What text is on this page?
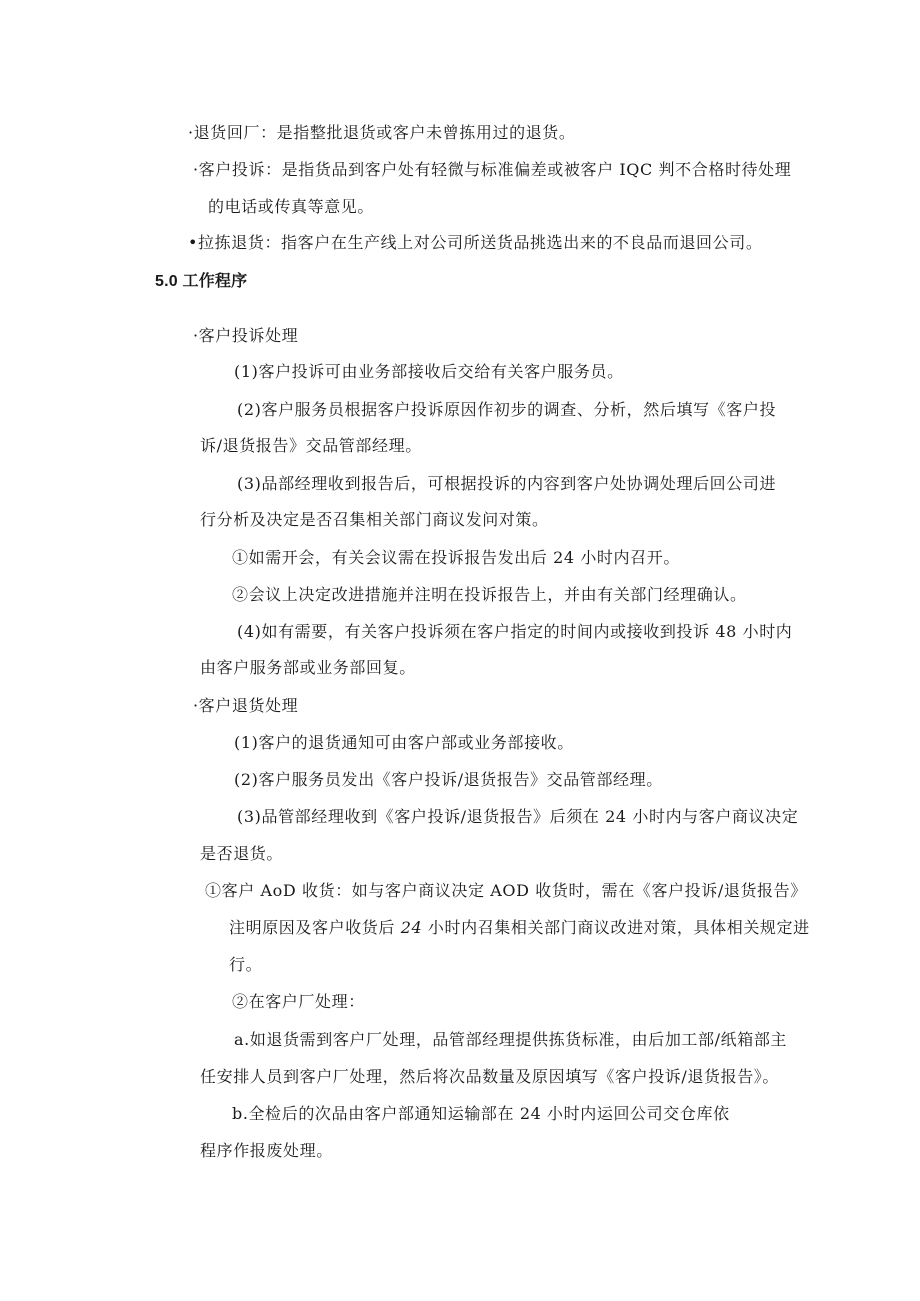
·退货回厂：是指整批退货或客户未曾拣用过的退货。
·客户投诉：是指货品到客户处有轻微与标准偏差或被客户 IQC 判不合格时待处理
的电话或传真等意见。
•拉拣退货：指客户在生产线上对公司所送货品挑选出来的不良品而退回公司。
5.0 工作程序
·客户投诉处理
(1)客户投诉可由业务部接收后交给有关客户服务员。
(2)客户服务员根据客户投诉原因作初步的调查、分析，然后填写《客户投
诉/退货报告》交品管部经理。
(3)品部经理收到报告后，可根据投诉的内容到客户处协调处理后回公司进
行分析及决定是否召集相关部门商议发问对策。
①如需开会，有关会议需在投诉报告发出后 24 小时内召开。
②会议上决定改进措施并注明在投诉报告上，并由有关部门经理确认。
(4)如有需要，有关客户投诉须在客户指定的时间内或接收到投诉 48 小时内
由客户服务部或业务部回复。
·客户退货处理
(1)客户的退货通知可由客户部或业务部接收。
(2)客户服务员发出《客户投诉/退货报告》交品管部经理。
(3)品管部经理收到《客户投诉/退货报告》后须在 24 小时内与客户商议决定
是否退货。
①客户 AoD 收货：如与客户商议决定 AOD 收货时，需在《客户投诉/退货报告》
注明原因及客户收货后 24 小时内召集相关部门商议改进对策，具体相关规定进
行。
②在客户厂处理：
a.如退货需到客户厂处理，品管部经理提供拣货标准，由后加工部/纸箱部主
任安排人员到客户厂处理，然后将次品数量及原因填写《客户投诉/退货报告》。
b.全检后的次品由客户部通知运输部在 24 小时内运回公司交仓库依
程序作报废处理。
